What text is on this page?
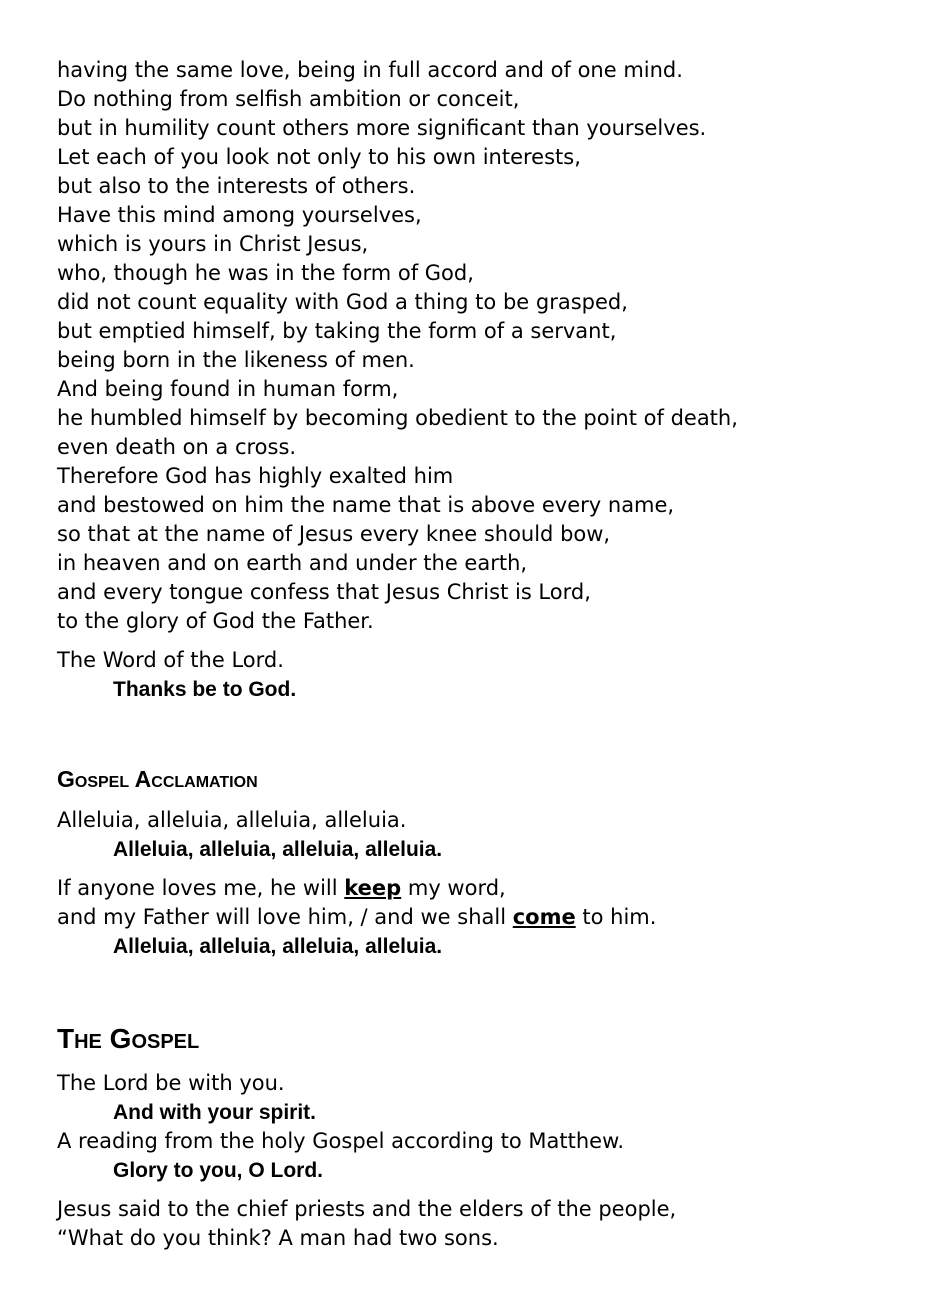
having the same love, being in full accord and of one mind.
Do nothing from selfish ambition or conceit,
but in humility count others more significant than yourselves.
Let each of you look not only to his own interests,
but also to the interests of others.
Have this mind among yourselves,
which is yours in Christ Jesus,
who, though he was in the form of God,
did not count equality with God a thing to be grasped,
but emptied himself, by taking the form of a servant,
being born in the likeness of men.
And being found in human form,
he humbled himself by becoming obedient to the point of death,
even death on a cross.
Therefore God has highly exalted him
and bestowed on him the name that is above every name,
so that at the name of Jesus every knee should bow,
in heaven and on earth and under the earth,
and every tongue confess that Jesus Christ is Lord,
to the glory of God the Father.
The Word of the Lord.
Thanks be to God.
Gospel Acclamation
Alleluia, alleluia, alleluia, alleluia.
Alleluia, alleluia, alleluia, alleluia.
If anyone loves me, he will keep my word,
and my Father will love him, / and we shall come to him.
Alleluia, alleluia, alleluia, alleluia.
The Gospel
The Lord be with you.
And with your spirit.
A reading from the holy Gospel according to Matthew.
Glory to you, O Lord.
Jesus said to the chief priests and the elders of the people,
“What do you think? A man had two sons.
